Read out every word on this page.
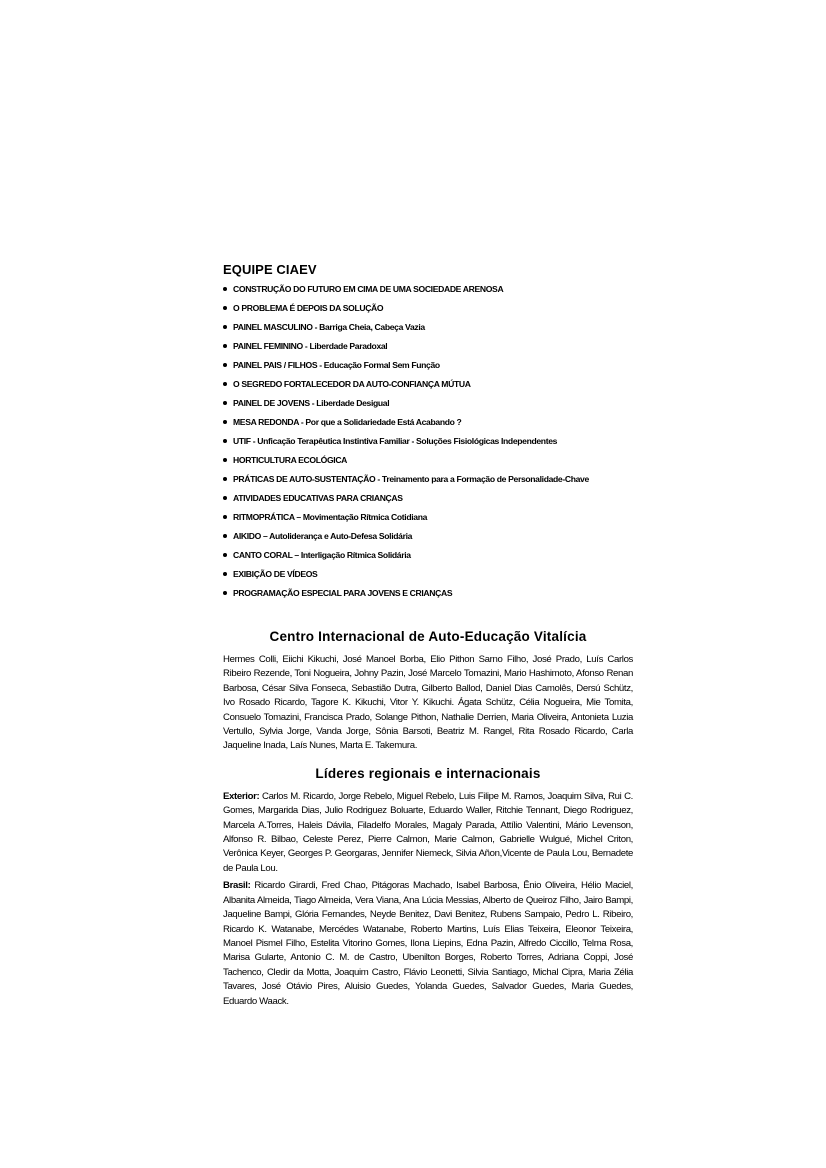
EQUIPE CIAEV
CONSTRUÇÃO DO FUTURO EM CIMA DE UMA SOCIEDADE ARENOSA
O PROBLEMA É DEPOIS DA SOLUÇÃO
PAINEL MASCULINO - Barriga Cheia, Cabeça Vazia
PAINEL FEMININO - Liberdade Paradoxal
PAINEL PAIS / FILHOS - Educação Formal Sem Função
O SEGREDO FORTALECEDOR DA AUTO-CONFIANÇA MÚTUA
PAINEL DE JOVENS - Liberdade Desigual
MESA REDONDA - Por que a Solidariedade Está Acabando ?
UTIF - Unficação Terapêutica Instintiva Familiar - Soluções Fisiológicas Independentes
HORTICULTURA ECOLÓGICA
PRÁTICAS DE AUTO-SUSTENTAÇÃO - Treinamento para a Formação de Personalidade-Chave
ATIVIDADES EDUCATIVAS PARA CRIANÇAS
RITMOPRÁTICA – Movimentação Rítmica Cotidiana
AIKIDO – Autoliderança e Auto-Defesa Solidária
CANTO CORAL – Interligação Rítmica Solidária
EXIBIÇÃO DE VÍDEOS
PROGRAMAÇÃO ESPECIAL PARA JOVENS E CRIANÇAS
Centro Internacional de Auto-Educação Vitalícia

Hermes Colli, Eiichi Kikuchi, José Manoel Borba, Elio Pithon Sarno Filho, José Prado, Luís Carlos Ribeiro Rezende, Toni Nogueira, Johny Pazin, José Marcelo Tomazini, Mario Hashimoto, Afonso Renan Barbosa, César Silva Fonseca, Sebastião Dutra, Gilberto Ballod, Daniel Dias Camolês, Dersú Schütz, Ivo Rosado Ricardo, Tagore K. Kikuchi, Vitor Y. Kikuchi. Ágata Schütz, Célia Nogueira, Mie Tomita, Consuelo Tomazini, Francisca Prado, Solange Pithon, Nathalie Derrien, Maria Oliveira, Antonieta Luzia Vertullo, Sylvia Jorge, Vanda Jorge, Sônia Barsoti, Beatriz M. Rangel, Rita Rosado Ricardo, Carla Jaqueline Inada, Laís Nunes, Marta E. Takemura.

Líderes regionais e internacionais

Exterior: Carlos M. Ricardo, Jorge Rebelo, Miguel Rebelo, Luis Filipe M. Ramos, Joaquim Silva, Rui C. Gomes, Margarida Dias, Julio Rodriguez Boluarte, Eduardo Waller, Ritchie Tennant, Diego Rodriguez, Marcela A.Torres, Haleis Dávila, Filadelfo Morales, Magaly Parada, Attílio Valentini, Mário Levenson, Alfonso R. Bilbao, Celeste Perez, Pierre Calmon, Marie Calmon, Gabrielle Wulgué, Michel Criton, Verônica Keyer, Georges P. Georgaras, Jennifer Niemeck, Silvia Añon,Vicente de Paula Lou, Bernadete de Paula Lou.

Brasil: Ricardo Girardi, Fred Chao, Pitágoras Machado, Isabel Barbosa, Ênio Oliveira, Hélio Maciel, Albanita Almeida, Tiago Almeida, Vera Viana, Ana Lúcia Messias, Alberto de Queiroz Filho, Jairo Bampi, Jaqueline Bampi, Glória Fernandes, Neyde Benitez, Davi Benitez, Rubens Sampaio, Pedro L. Ribeiro, Ricardo K. Watanabe, Mercédes Watanabe, Roberto Martins, Luís Elias Teixeira, Eleonor Teixeira, Manoel Pismel Filho, Estelita Vitorino Gomes, Ilona Liepins, Edna Pazin, Alfredo Ciccillo, Telma Rosa, Marisa Gularte, Antonio C. M. de Castro, Ubenilton Borges, Roberto Torres, Adriana Coppi, José Tachenco, Cledir da Motta, Joaquim Castro, Flávio Leonetti, Silvia Santiago, Michal Cipra, Maria Zélia Tavares, José Otávio Pires, Aluisio Guedes, Yolanda Guedes, Salvador Guedes, Maria Guedes, Eduardo Waack.
